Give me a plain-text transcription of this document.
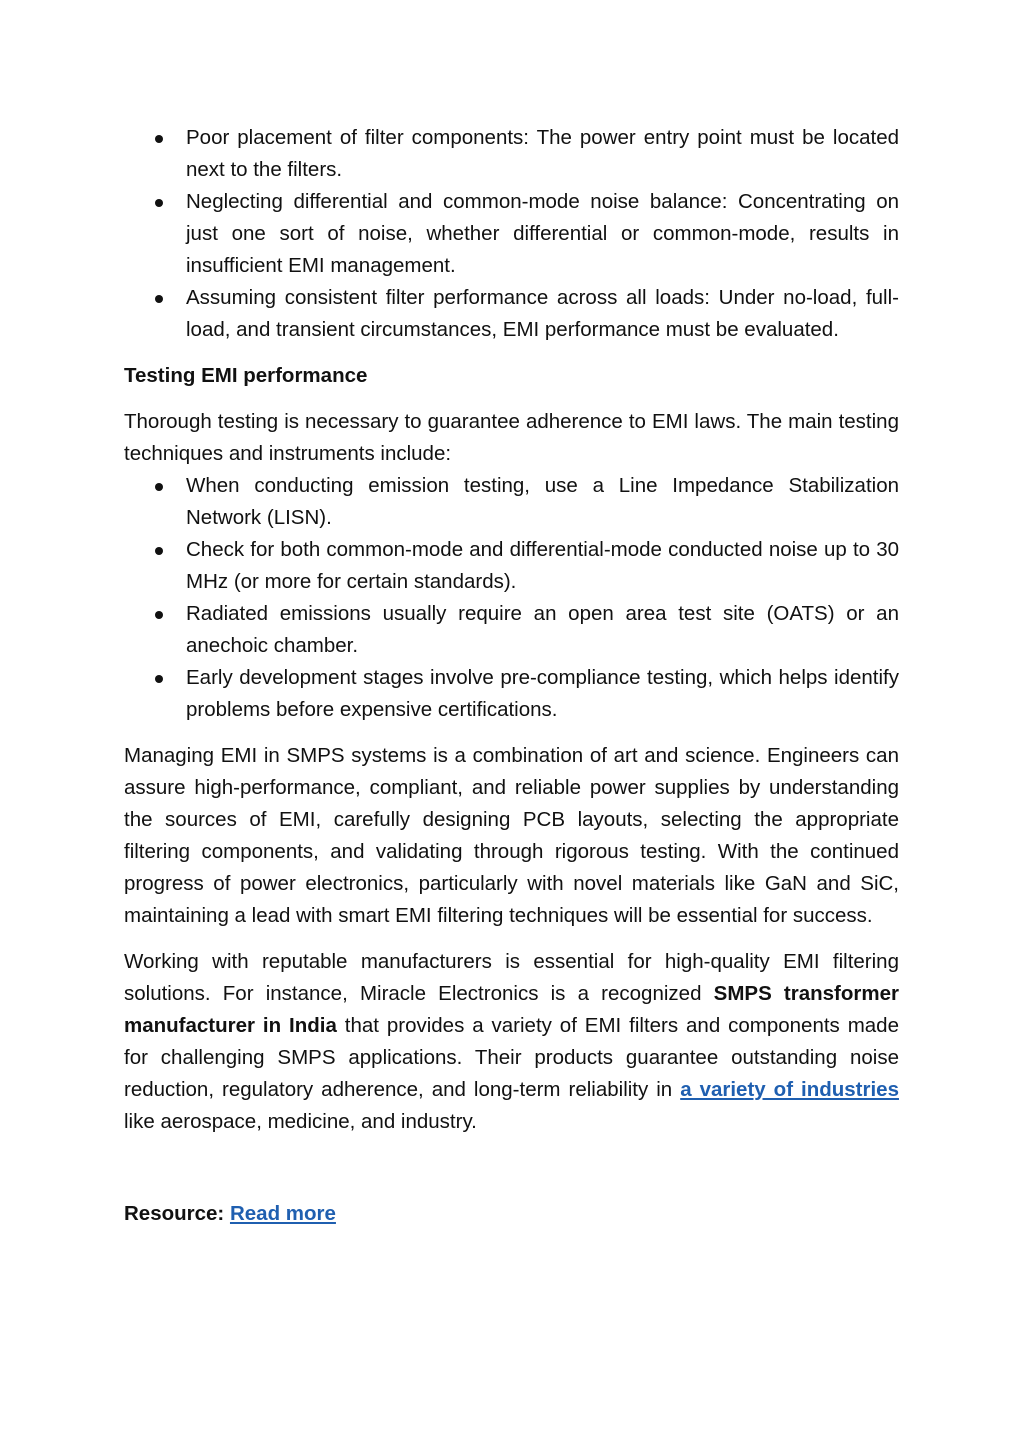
Poor placement of filter components: The power entry point must be located next to the filters.
Neglecting differential and common-mode noise balance: Concentrating on just one sort of noise, whether differential or common-mode, results in insufficient EMI management.
Assuming consistent filter performance across all loads: Under no-load, full-load, and transient circumstances, EMI performance must be evaluated.
Testing EMI performance

Thorough testing is necessary to guarantee adherence to EMI laws. The main testing techniques and instruments include:

When conducting emission testing, use a Line Impedance Stabilization Network (LISN).
Check for both common-mode and differential-mode conducted noise up to 30 MHz (or more for certain standards).
Radiated emissions usually require an open area test site (OATS) or an anechoic chamber.
Early development stages involve pre-compliance testing, which helps identify problems before expensive certifications.

Managing EMI in SMPS systems is a combination of art and science. Engineers can assure high-performance, compliant, and reliable power supplies by understanding the sources of EMI, carefully designing PCB layouts, selecting the appropriate filtering components, and validating through rigorous testing. With the continued progress of power electronics, particularly with novel materials like GaN and SiC, maintaining a lead with smart EMI filtering techniques will be essential for success.

Working with reputable manufacturers is essential for high-quality EMI filtering solutions. For instance, Miracle Electronics is a recognized SMPS transformer manufacturer in India that provides a variety of EMI filters and components made for challenging SMPS applications. Their products guarantee outstanding noise reduction, regulatory adherence, and long-term reliability in a variety of industries like aerospace, medicine, and industry.

Resource: Read more
